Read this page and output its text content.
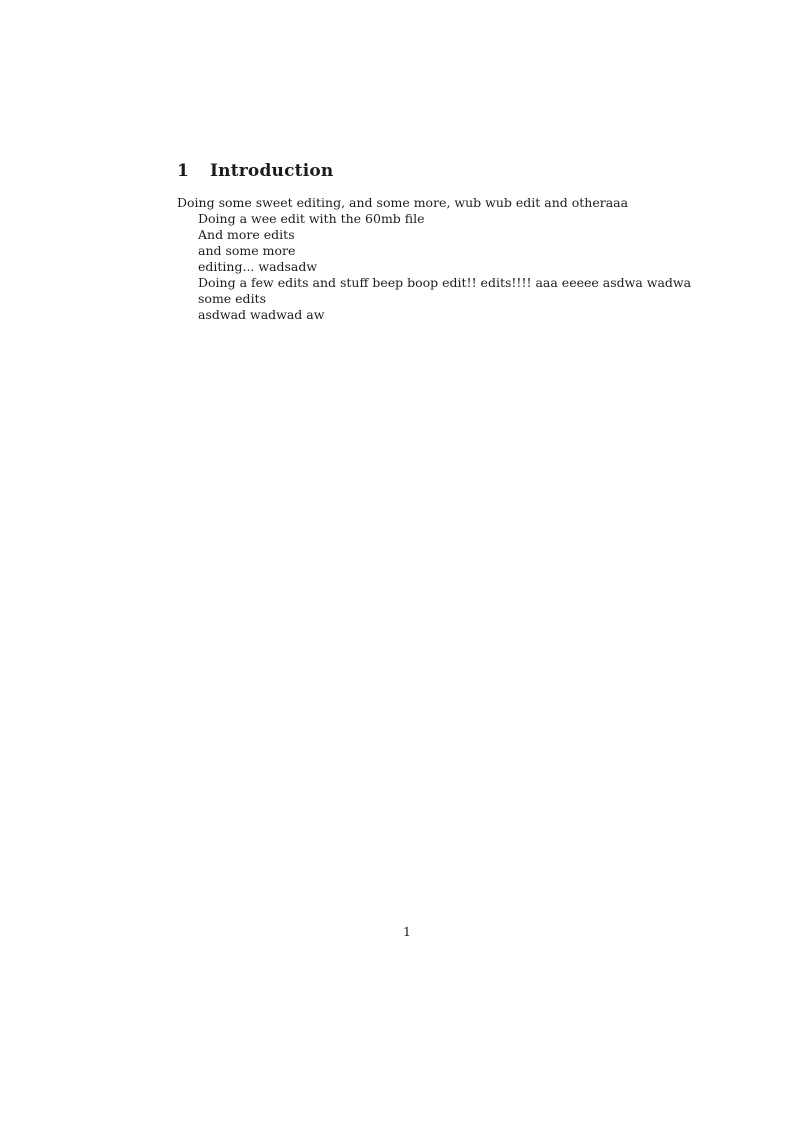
1 Introduction
Doing some sweet editing, and some more, wub wub edit and otheraaa
Doing a wee edit with the 60mb file
And more edits
and some more
editing... wadsadw
Doing a few edits and stuff beep boop edit!! edits!!!! aaa eeeee asdwa wadwa
some edits
asdwad wadwad aw
1
